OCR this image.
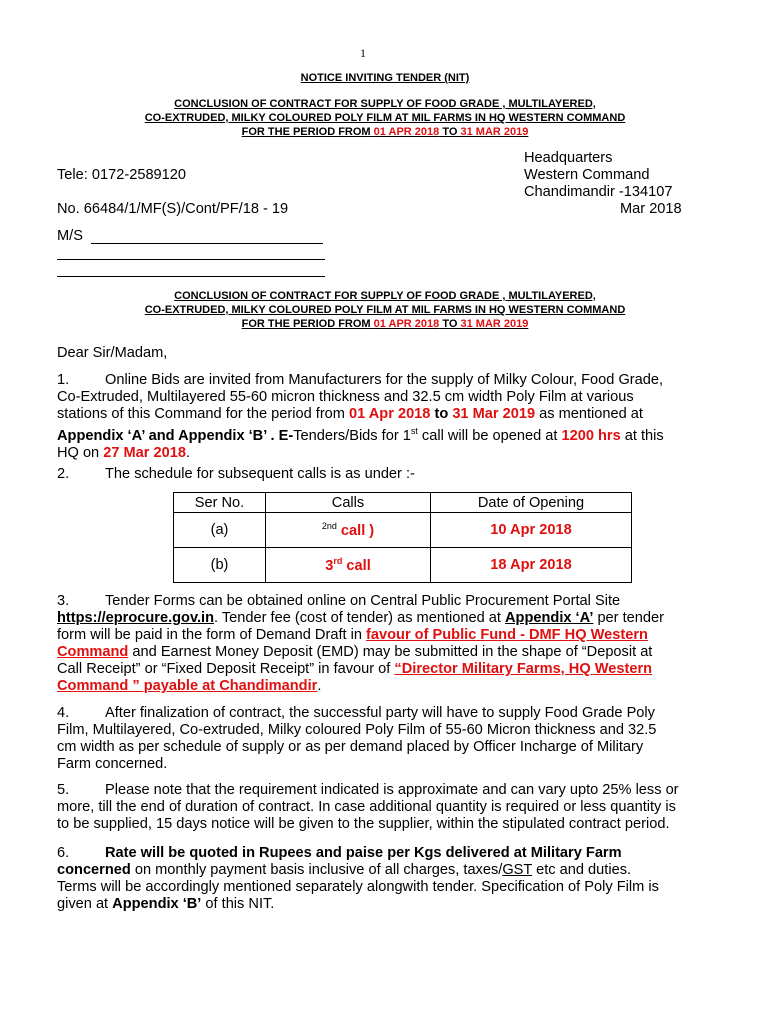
1
NOTICE INVITING TENDER (NIT)
CONCLUSION OF CONTRACT FOR SUPPLY OF FOOD GRADE , MULTILAYERED,
CO-EXTRUDED, MILKY COLOURED POLY FILM AT MIL FARMS IN HQ WESTERN COMMAND
FOR THE PERIOD FROM 01 APR 2018 TO 31 MAR 2019
Headquarters
Western Command
Chandimandir -134107
Mar 2018
Tele: 0172-2589120
No. 66484/1/MF(S)/Cont/PF/18 - 19
M/S
CONCLUSION OF CONTRACT FOR SUPPLY OF FOOD GRADE , MULTILAYERED,
CO-EXTRUDED, MILKY COLOURED POLY FILM AT MIL FARMS IN HQ WESTERN COMMAND
FOR THE PERIOD FROM 01 APR 2018 TO 31 MAR 2019
Dear Sir/Madam,
1. Online Bids are invited from Manufacturers for the supply of Milky Colour, Food Grade,
Co-Extruded, Multilayered 55-60 micron thickness and 32.5 cm width Poly Film at various
stations of this Command for the period from 01 Apr 2018 to 31 Mar 2019 as mentioned at
Appendix ‘A’ and Appendix ‘B’ . E-Tenders/Bids for 1st call will be opened at 1200 hrs at this
HQ on 27 Mar 2018.
2. The schedule for subsequent calls is as under :-
Ser No.	Calls	Date of Opening
(a)	$^{2nd}$ call )	10 Apr 2018
(b)	3rd call	18 Apr 2018
3. Tender Forms can be obtained online on Central Public Procurement Portal Site
https://eprocure.gov.in. Tender fee (cost of tender) as mentioned at Appendix ‘A’ per tender
form will be paid in the form of Demand Draft in favour of Public Fund - DMF HQ Western
Command and Earnest Money Deposit (EMD) may be submitted in the shape of “Deposit at
Call Receipt” or “Fixed Deposit Receipt” in favour of “Director Military Farms, HQ Western
Command ” payable at Chandimandir.
4. After finalization of contract, the successful party will have to supply Food Grade Poly
Film, Multilayered, Co-extruded, Milky coloured Poly Film of 55-60 Micron thickness and 32.5
cm width as per schedule of supply or as per demand placed by Officer Incharge of Military
Farm concerned.
5. Please note that the requirement indicated is approximate and can vary upto 25% less or
more, till the end of duration of contract. In case additional quantity is required or less quantity is
to be supplied, 15 days notice will be given to the supplier, within the stipulated contract period.
6. Rate will be quoted in Rupees and paise per Kgs delivered at Military Farm
concerned on monthly payment basis inclusive of all charges, taxes/GST etc and duties.
Terms will be accordingly mentioned separately alongwith tender. Specification of Poly Film is
given at Appendix ‘B’ of this NIT.
